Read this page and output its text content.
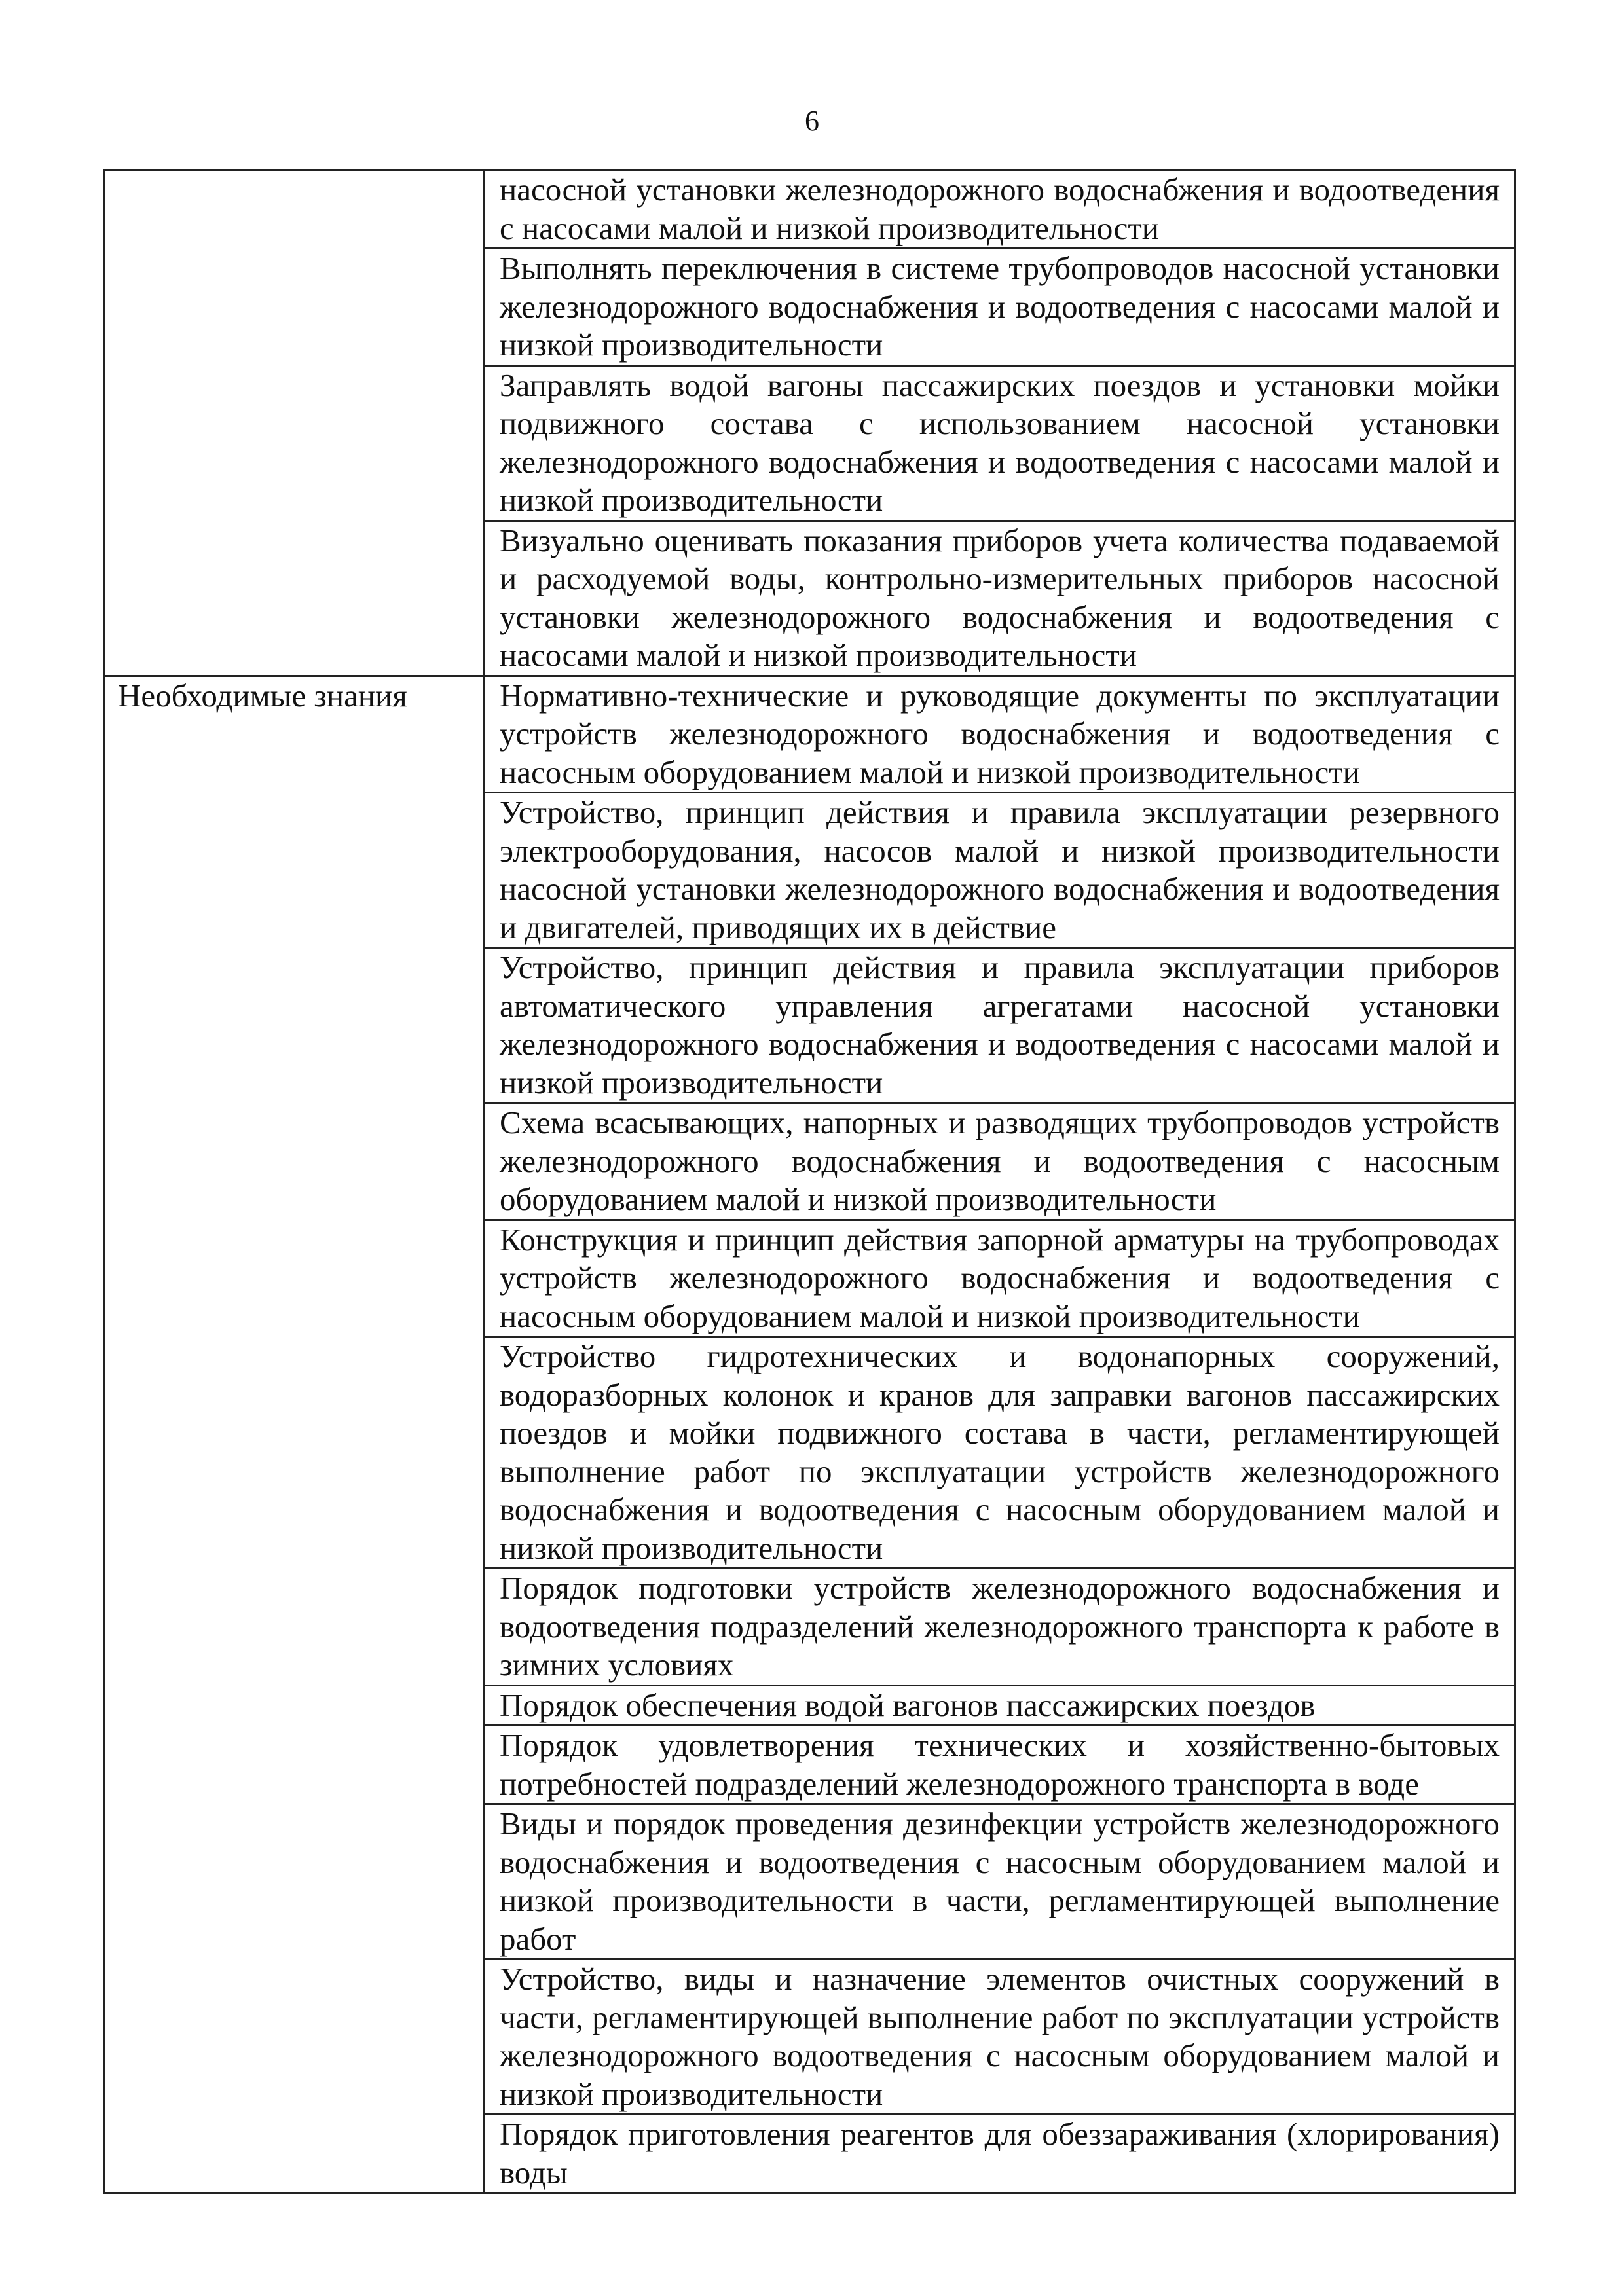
6
	насосной установки железнодорожного водоснабжения и водоотведения с насосами малой и низкой производительности
	Выполнять переключения в системе трубопроводов насосной установки железнодорожного водоснабжения и водоотведения с насосами малой и низкой производительности
	Заправлять водой вагоны пассажирских поездов и установки мойки подвижного состава с использованием насосной установки железнодорожного водоснабжения и водоотведения с насосами малой и низкой производительности
	Визуально оценивать показания приборов учета количества подаваемой и расходуемой воды, контрольно-измерительных приборов насосной установки железнодорожного водоснабжения и водоотведения с насосами малой и низкой производительности
Необходимые знания	Нормативно-технические и руководящие документы по эксплуатации устройств железнодорожного водоснабжения и водоотведения с насосным оборудованием малой и низкой производительности
	Устройство, принцип действия и правила эксплуатации резервного электрооборудования, насосов малой и низкой производительности насосной установки железнодорожного водоснабжения и водоотведения и двигателей, приводящих их в действие
	Устройство, принцип действия и правила эксплуатации приборов автоматического управления агрегатами насосной установки железнодорожного водоснабжения и водоотведения с насосами малой и низкой производительности
	Схема всасывающих, напорных и разводящих трубопроводов устройств железнодорожного водоснабжения и водоотведения с насосным оборудованием малой и низкой производительности
	Конструкция и принцип действия запорной арматуры на трубопроводах устройств железнодорожного водоснабжения и водоотведения с насосным оборудованием малой и низкой производительности
	Устройство гидротехнических и водонапорных сооружений, водоразборных колонок и кранов для заправки вагонов пассажирских поездов и мойки подвижного состава в части, регламентирующей выполнение работ по эксплуатации устройств железнодорожного водоснабжения и водоотведения с насосным оборудованием малой и низкой производительности
	Порядок подготовки устройств железнодорожного водоснабжения и водоотведения подразделений железнодорожного транспорта к работе в зимних условиях
	Порядок обеспечения водой вагонов пассажирских поездов
	Порядок удовлетворения технических и хозяйственно-бытовых потребностей подразделений железнодорожного транспорта в воде
	Виды и порядок проведения дезинфекции устройств железнодорожного водоснабжения и водоотведения с насосным оборудованием малой и низкой производительности в части, регламентирующей выполнение работ
	Устройство, виды и назначение элементов очистных сооружений в части, регламентирующей выполнение работ по эксплуатации устройств железнодорожного водоотведения с насосным оборудованием малой и низкой производительности
	Порядок приготовления реагентов для обеззараживания (хлорирования) воды
